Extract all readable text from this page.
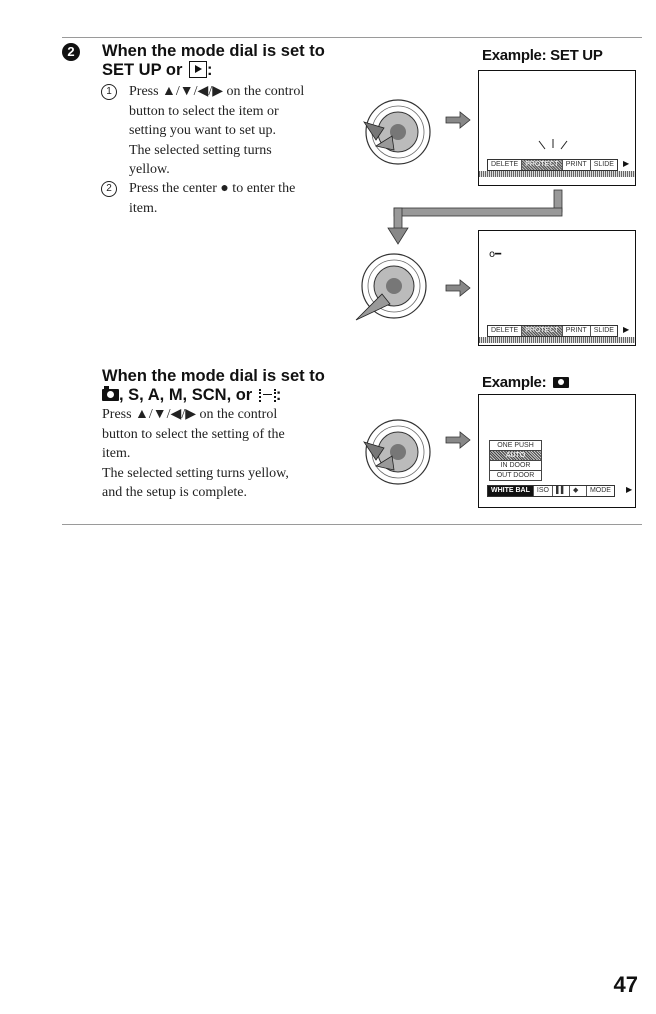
2	When the mode dial is set to
SET UP or :
1	Press ▲/▼/◀/▶ on the control
button to select the item or
setting you want to set up.
The selected setting turns
yellow.
2	Press the center ● to enter the
item.
Example: SET UP
DELETE	PROTECT	PRINT	SLIDE	▶
o━
DELETE	PROTECT	PRINT	SLIDE	▶
When the mode dial is set to
, S, A, M, SCN, or :
Press ▲/▼/◀/▶ on the control
button to select the setting of the
item.
The selected setting turns yellow,
and the setup is complete.
Example:
ONE PUSH
AUTO
IN DOOR
OUT DOOR
WHITE BAL	ISO	▌▌	◆	MODE	▶
47
